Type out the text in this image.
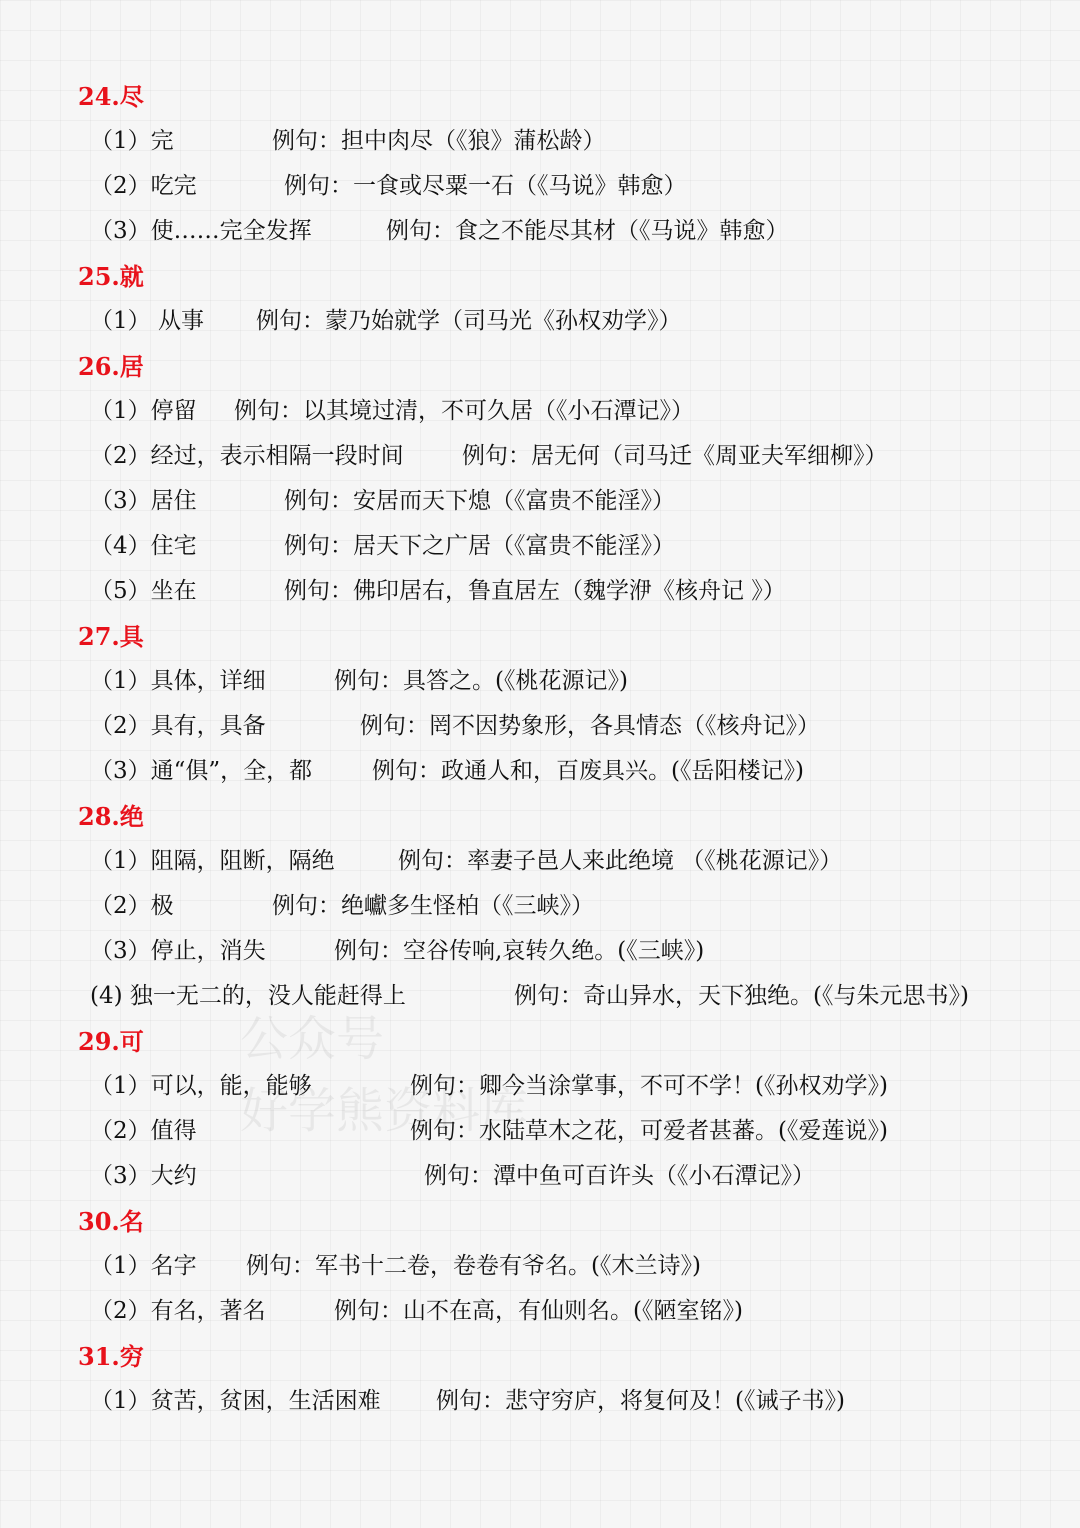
公众号
好学熊资料库
24.尽
（1）完	例句：担中肉尽（《狼》蒲松龄）
（2）吃完	例句：一食或尽粟一石（《马说》韩愈）
（3）使……完全发挥	例句：食之不能尽其材（《马说》韩愈）
25.就
（1） 从事 例句：蒙乃始就学（司马光《孙权劝学》）
26.居
（1）停留 例句：以其境过清，不可久居（《小石潭记》）
（2）经过，表示相隔一段时间	例句：居无何（司马迁《周亚夫军细柳》）
（3）居住	例句：安居而天下熄（《富贵不能淫》）
（4）住宅	例句：居天下之广居（《富贵不能淫》）
（5）坐在	例句：佛印居右，鲁直居左（魏学洢《核舟记 》）
27.具
（1）具体，详细	例句：具答之。(《桃花源记》)
（2）具有，具备	例句：罔不因势象形，各具情态（《核舟记》）
（3）通“俱”，全，都	例句：政通人和，百废具兴。(《岳阳楼记》)
28.绝
（1）阻隔，阻断，隔绝	例句：率妻子邑人来此绝境 （《桃花源记》）
（2）极	例句：绝巘多生怪柏（《三峡》）
（3）停止，消失	例句：空谷传响,哀转久绝。(《三峡》)
(4) 独一无二的，没人能赶得上	例句：奇山异水，天下独绝。(《与朱元思书》)
29.可
（1）可以，能，能够	例句：卿今当涂掌事，不可不学！(《孙权劝学》)
（2）值得	例句：水陆草木之花，可爱者甚蕃。(《爱莲说》)
（3）大约	例句：潭中鱼可百许头（《小石潭记》）
30.名
（1）名字 例句：军书十二卷，卷卷有爷名。(《木兰诗》)
（2）有名，著名	例句：山不在高，有仙则名。(《陋室铭》)
31.穷
（1）贫苦，贫困，生活困难 例句：悲守穷庐，将复何及！(《诫子书》)
